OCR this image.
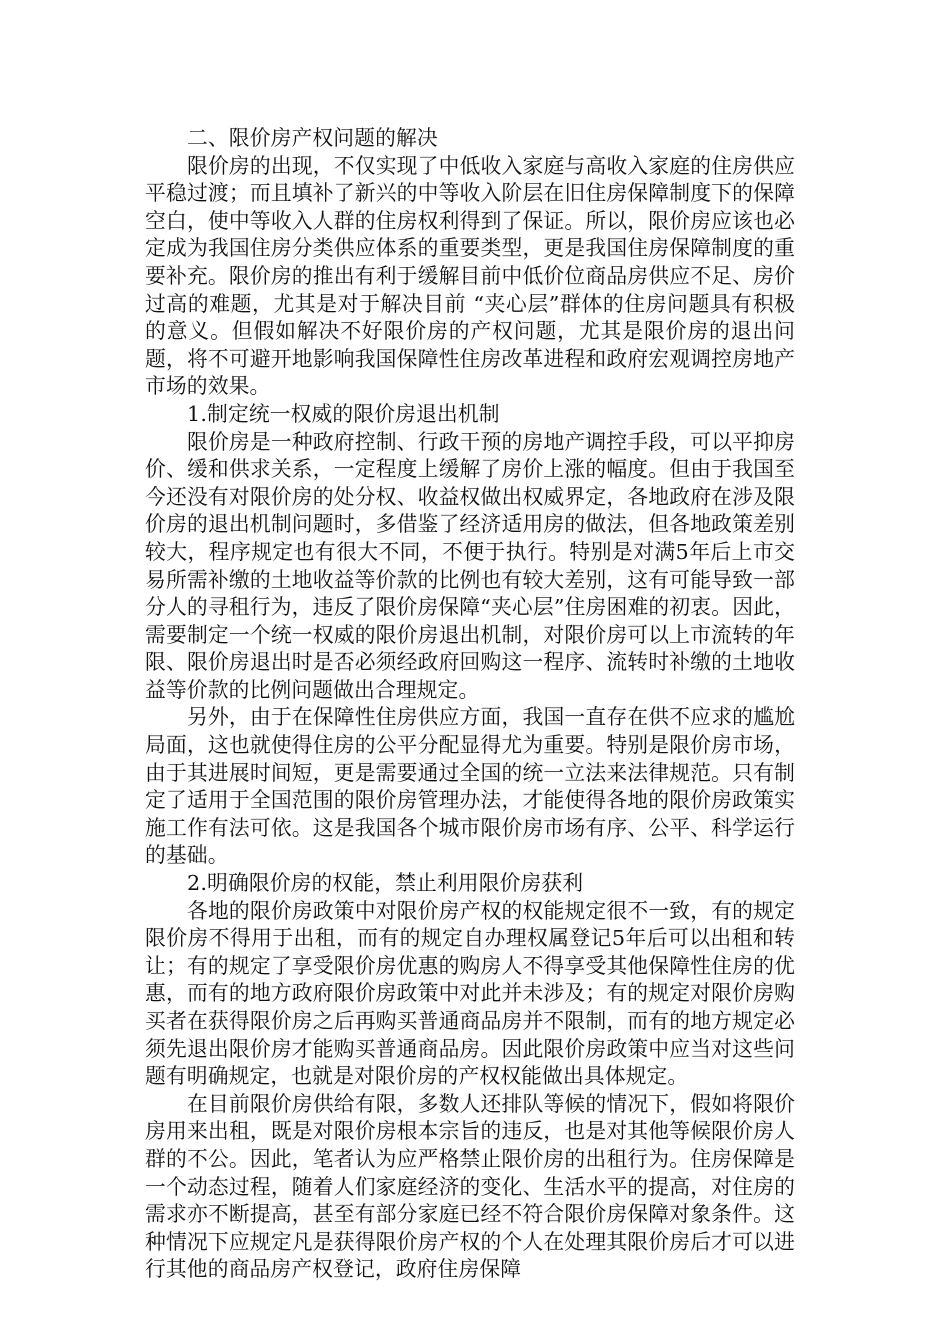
二、限价房产权问题的解决

限价房的出现，不仅实现了中低收入家庭与高收入家庭的住房供应平稳过渡；而且填补了新兴的中等收入阶层在旧住房保障制度下的保障空白，使中等收入人群的住房权利得到了保证。所以，限价房应该也必定成为我国住房分类供应体系的重要类型，更是我国住房保障制度的重要补充。限价房的推出有利于缓解目前中低价位商品房供应不足、房价过高的难题，尤其是对于解决目前 “夹心层”群体的住房问题具有积极的意义。但假如解决不好限价房的产权问题，尤其是限价房的退出问题，将不可避开地影响我国保障性住房改革进程和政府宏观调控房地产市场的效果。

1.制定统一权威的限价房退出机制

限价房是一种政府控制、行政干预的房地产调控手段，可以平抑房价、缓和供求关系，一定程度上缓解了房价上涨的幅度。但由于我国至今还没有对限价房的处分权、收益权做出权威界定，各地政府在涉及限价房的退出机制问题时，多借鉴了经济适用房的做法，但各地政策差别较大，程序规定也有很大不同，不便于执行。特别是对满5年后上市交易所需补缴的土地收益等价款的比例也有较大差别，这有可能导致一部分人的寻租行为，违反了限价房保障“夹心层”住房困难的初衷。因此，需要制定一个统一权威的限价房退出机制，对限价房可以上市流转的年限、限价房退出时是否必须经政府回购这一程序、流转时补缴的土地收益等价款的比例问题做出合理规定。

另外，由于在保障性住房供应方面，我国一直存在供不应求的尴尬局面，这也就使得住房的公平分配显得尤为重要。特别是限价房市场，由于其进展时间短，更是需要通过全国的统一立法来法律规范。只有制定了适用于全国范围的限价房管理办法，才能使得各地的限价房政策实施工作有法可依。这是我国各个城市限价房市场有序、公平、科学运行的基础。

2.明确限价房的权能，禁止利用限价房获利

各地的限价房政策中对限价房产权的权能规定很不一致，有的规定限价房不得用于出租，而有的规定自办理权属登记5年后可以出租和转让；有的规定了享受限价房优惠的购房人不得享受其他保障性住房的优惠，而有的地方政府限价房政策中对此并未涉及；有的规定对限价房购买者在获得限价房之后再购买普通商品房并不限制，而有的地方规定必须先退出限价房才能购买普通商品房。因此限价房政策中应当对这些问题有明确规定，也就是对限价房的产权权能做出具体规定。

在目前限价房供给有限，多数人还排队等候的情况下，假如将限价房用来出租，既是对限价房根本宗旨的违反，也是对其他等候限价房人群的不公。因此，笔者认为应严格禁止限价房的出租行为。住房保障是一个动态过程，随着人们家庭经济的变化、生活水平的提高，对住房的需求亦不断提高，甚至有部分家庭已经不符合限价房保障对象条件。这种情况下应规定凡是获得限价房产权的个人在处理其限价房后才可以进行其他的商品房产权登记，政府住房保障
